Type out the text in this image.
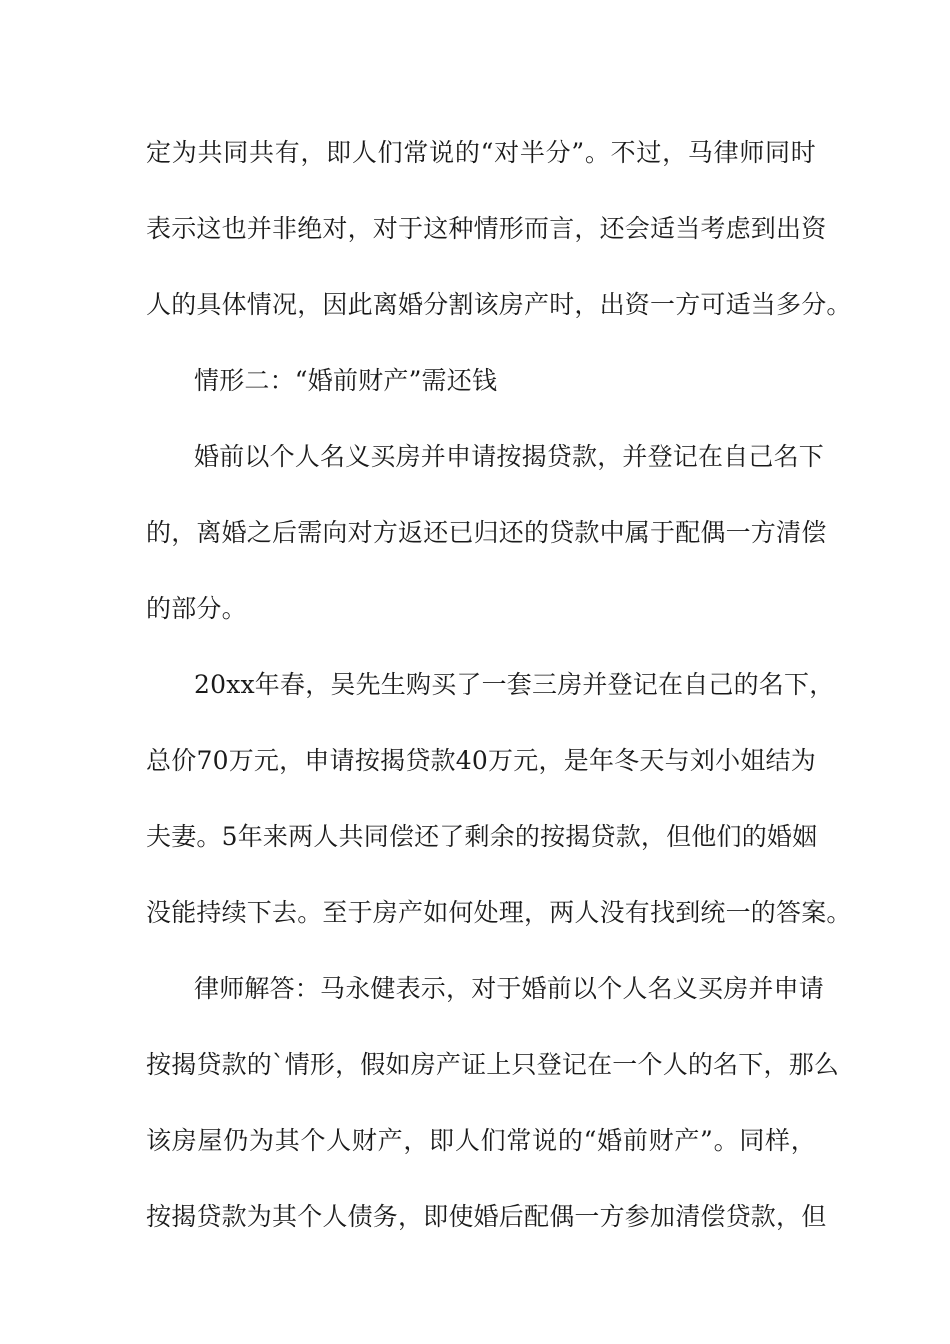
定为共同共有，即人们常说的“对半分”。不过，马律师同时
表示这也并非绝对，对于这种情形而言，还会适当考虑到出资
人的具体情况，因此离婚分割该房产时，出资一方可适当多分。
情形二：“婚前财产”需还钱
婚前以个人名义买房并申请按揭贷款，并登记在自己名下
的，离婚之后需向对方返还已归还的贷款中属于配偶一方清偿
的部分。
20xx年春，吴先生购买了一套三房并登记在自己的名下，
总价70万元，申请按揭贷款40万元，是年冬天与刘小姐结为
夫妻。5年来两人共同偿还了剩余的按揭贷款，但他们的婚姻
没能持续下去。至于房产如何处理，两人没有找到统一的答案。
律师解答：马永健表示，对于婚前以个人名义买房并申请
按揭贷款的`情形，假如房产证上只登记在一个人的名下，那么
该房屋仍为其个人财产，即人们常说的“婚前财产”。同样，
按揭贷款为其个人债务，即使婚后配偶一方参加清偿贷款，但
